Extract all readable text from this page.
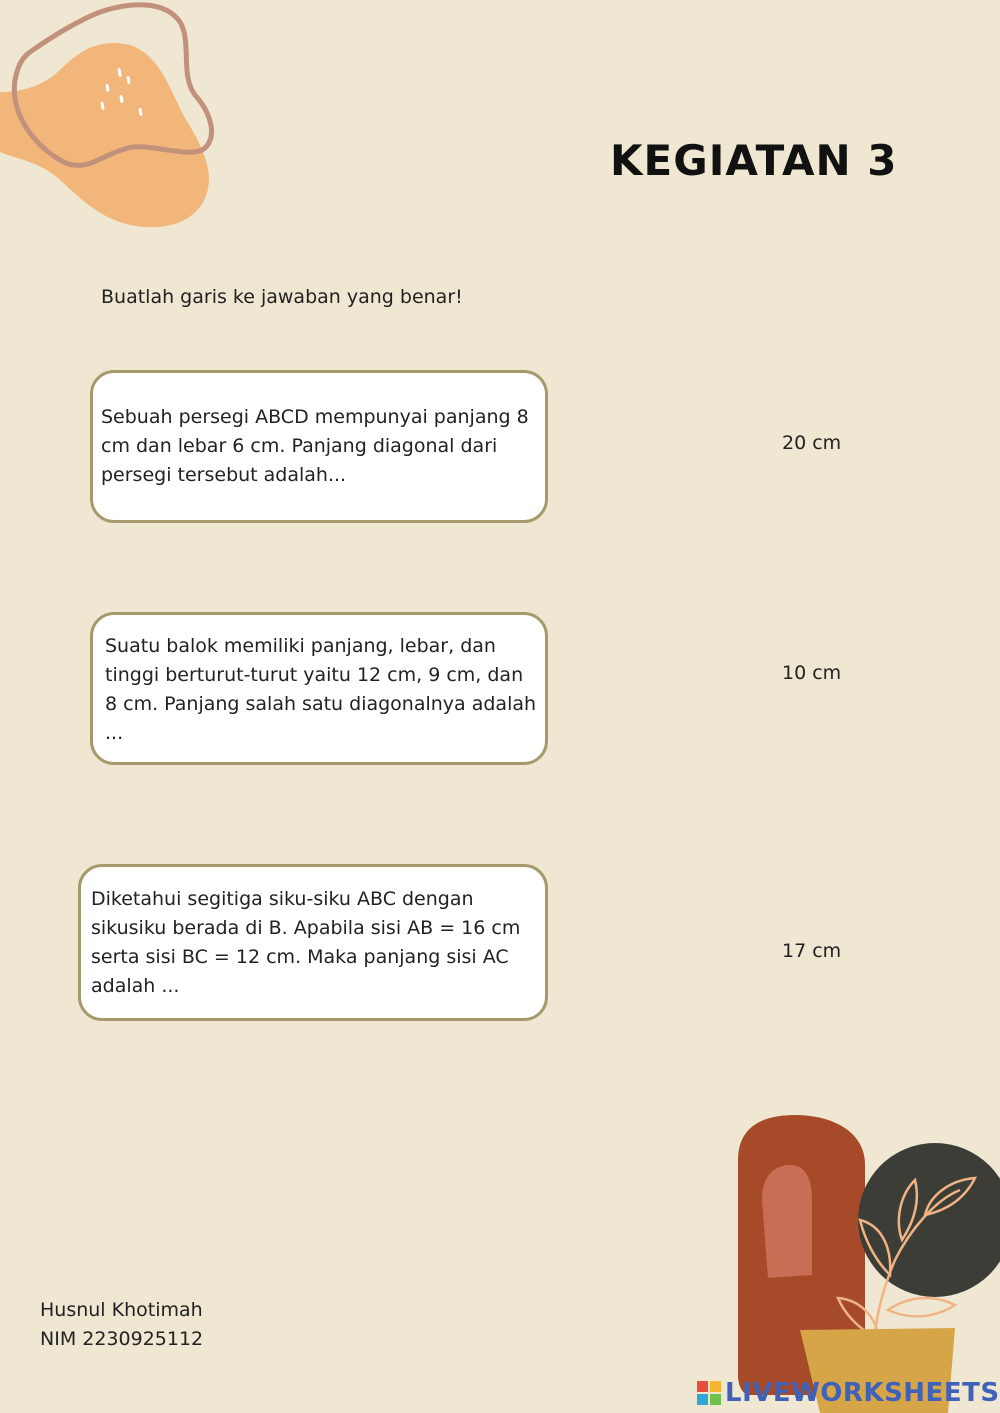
KEGIATAN 3
Buatlah garis ke jawaban yang benar!

Sebuah persegi ABCD mempunyai panjang 8 cm dan lebar 6 cm. Panjang diagonal dari persegi tersebut adalah...

Suatu balok memiliki panjang, lebar, dan tinggi berturut-turut yaitu 12 cm, 9 cm, dan 8 cm. Panjang salah satu diagonalnya adalah ...

Diketahui segitiga siku-siku ABC dengan sikusiku berada di B. Apabila sisi AB = 16 cm serta sisi BC = 12 cm. Maka panjang sisi AC adalah ...

20 cm
10 cm
17 cm
Husnul Khotimah
NIM 2230925112
LIVEWORKSHEETS
